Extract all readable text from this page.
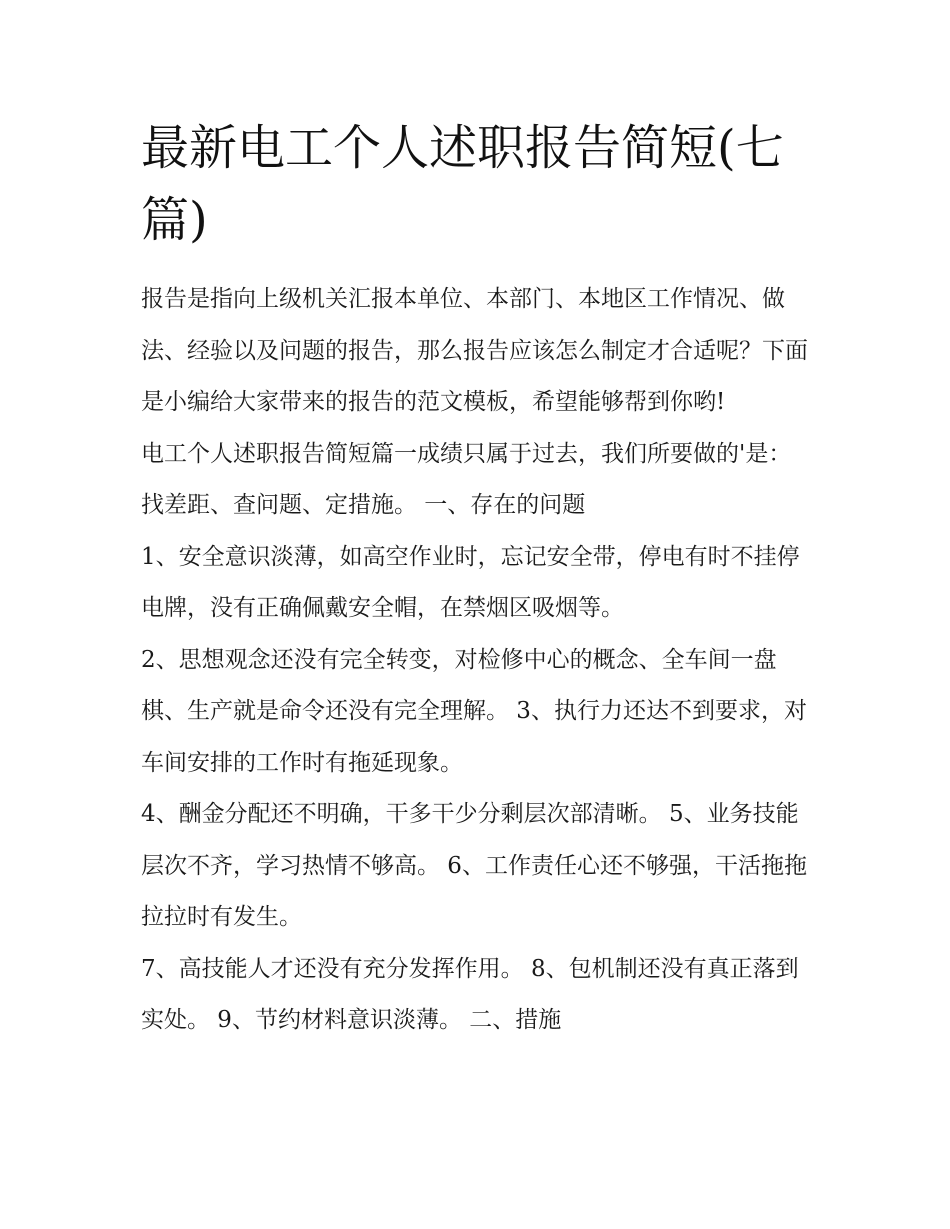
最新电工个人述职报告简短(七篇)

报告是指向上级机关汇报本单位、本部门、本地区工作情况、做法、经验以及问题的报告，那么报告应该怎么制定才合适呢？下面是小编给大家带来的报告的范文模板，希望能够帮到你哟!

电工个人述职报告简短篇一成绩只属于过去，我们所要做的'是：找差距、查问题、定措施。 一、存在的问题

1、安全意识淡薄，如高空作业时，忘记安全带，停电有时不挂停电牌，没有正确佩戴安全帽，在禁烟区吸烟等。

2、思想观念还没有完全转变，对检修中心的概念、全车间一盘棋、生产就是命令还没有完全理解。 3、执行力还达不到要求，对车间安排的工作时有拖延现象。

4、酬金分配还不明确，干多干少分剩层次部清晰。 5、业务技能层次不齐，学习热情不够高。 6、工作责任心还不够强，干活拖拖拉拉时有发生。

7、高技能人才还没有充分发挥作用。 8、包机制还没有真正落到实处。 9、节约材料意识淡薄。 二、措施
